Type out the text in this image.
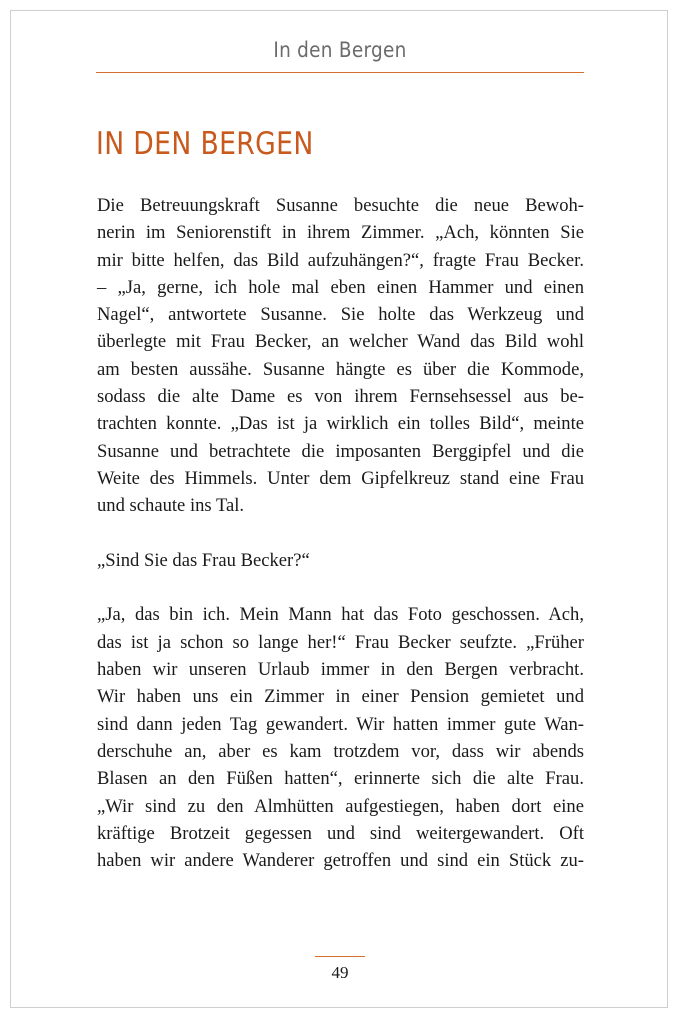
In den Bergen
IN DEN BERGEN

Die Betreuungskraft Susanne besuchte die neue Bewoh-
nerin im Seniorenstift in ihrem Zimmer. „Ach, könnten Sie
mir bitte helfen, das Bild aufzuhängen?“, fragte Frau Becker.
– „Ja, gerne, ich hole mal eben einen Hammer und einen
Nagel“, antwortete Susanne. Sie holte das Werkzeug und
überlegte mit Frau Becker, an welcher Wand das Bild wohl
am besten aussähe. Susanne hängte es über die Kommode,
sodass die alte Dame es von ihrem Fernsehsessel aus be-
trachten konnte. „Das ist ja wirklich ein tolles Bild“, meinte
Susanne und betrachtete die imposanten Berggipfel und die
Weite des Himmels. Unter dem Gipfelkreuz stand eine Frau
und schaute ins Tal.

„Sind Sie das Frau Becker?“

„Ja, das bin ich. Mein Mann hat das Foto geschossen. Ach,
das ist ja schon so lange her!“ Frau Becker seufzte. „Früher
haben wir unseren Urlaub immer in den Bergen verbracht.
Wir haben uns ein Zimmer in einer Pension gemietet und
sind dann jeden Tag gewandert. Wir hatten immer gute Wan-
derschuhe an, aber es kam trotzdem vor, dass wir abends
Blasen an den Füßen hatten“, erinnerte sich die alte Frau.
„Wir sind zu den Almhütten aufgestiegen, haben dort eine
kräftige Brotzeit gegessen und sind weitergewandert. Oft
haben wir andere Wanderer getroffen und sind ein Stück zu-

49
